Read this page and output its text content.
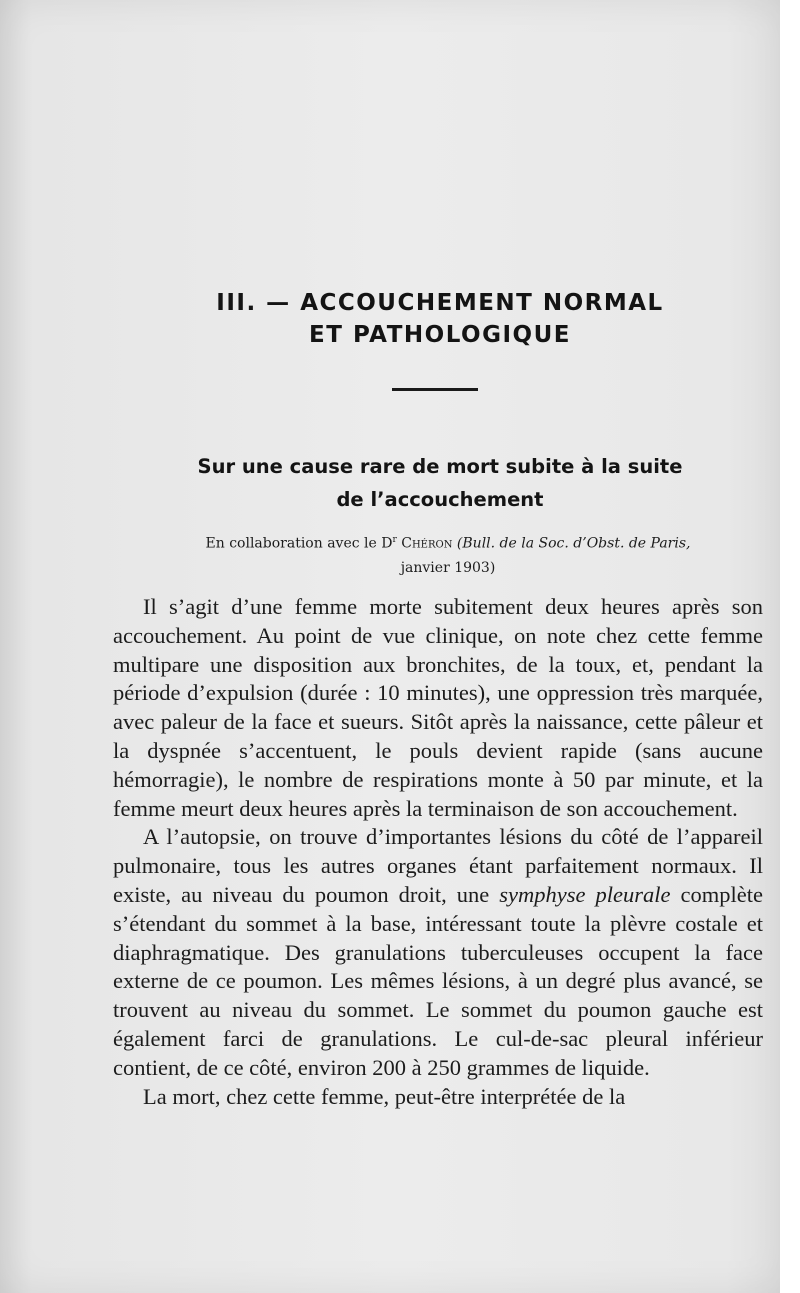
III. — ACCOUCHEMENT NORMAL
ET PATHOLOGIQUE
Sur une cause rare de mort subite à la suite
de l’accouchement
En collaboration avec le $D^r$ Chéron (Bull. de la Soc. d’Obst. de Paris,
janvier 1903)

Il s’agit d’une femme morte subitement deux heures après son accouchement. Au point de vue clinique, on note chez cette femme multipare une disposition aux bronchites, de la toux, et, pendant la période d’expulsion (durée : 10 minutes), une oppression très marquée, avec paleur de la face et sueurs. Sitôt après la naissance, cette pâleur et la dyspnée s’accentuent, le pouls devient rapide (sans aucune hémorragie), le nombre de respirations monte à 50 par minute, et la femme meurt deux heures après la terminaison de son accouchement.

A l’autopsie, on trouve d’importantes lésions du côté de l’appareil pulmonaire, tous les autres organes étant parfaitement normaux. Il existe, au niveau du poumon droit, une symphyse pleurale complète s’étendant du sommet à la base, intéressant toute la plèvre costale et diaphragmatique. Des granulations tuberculeuses occupent la face externe de ce poumon. Les mêmes lésions, à un degré plus avancé, se trouvent au niveau du sommet. Le sommet du poumon gauche est également farci de granulations. Le cul-de-sac pleural inférieur contient, de ce côté, environ 200 à 250 grammes de liquide.

La mort, chez cette femme, peut-être interprétée de la
